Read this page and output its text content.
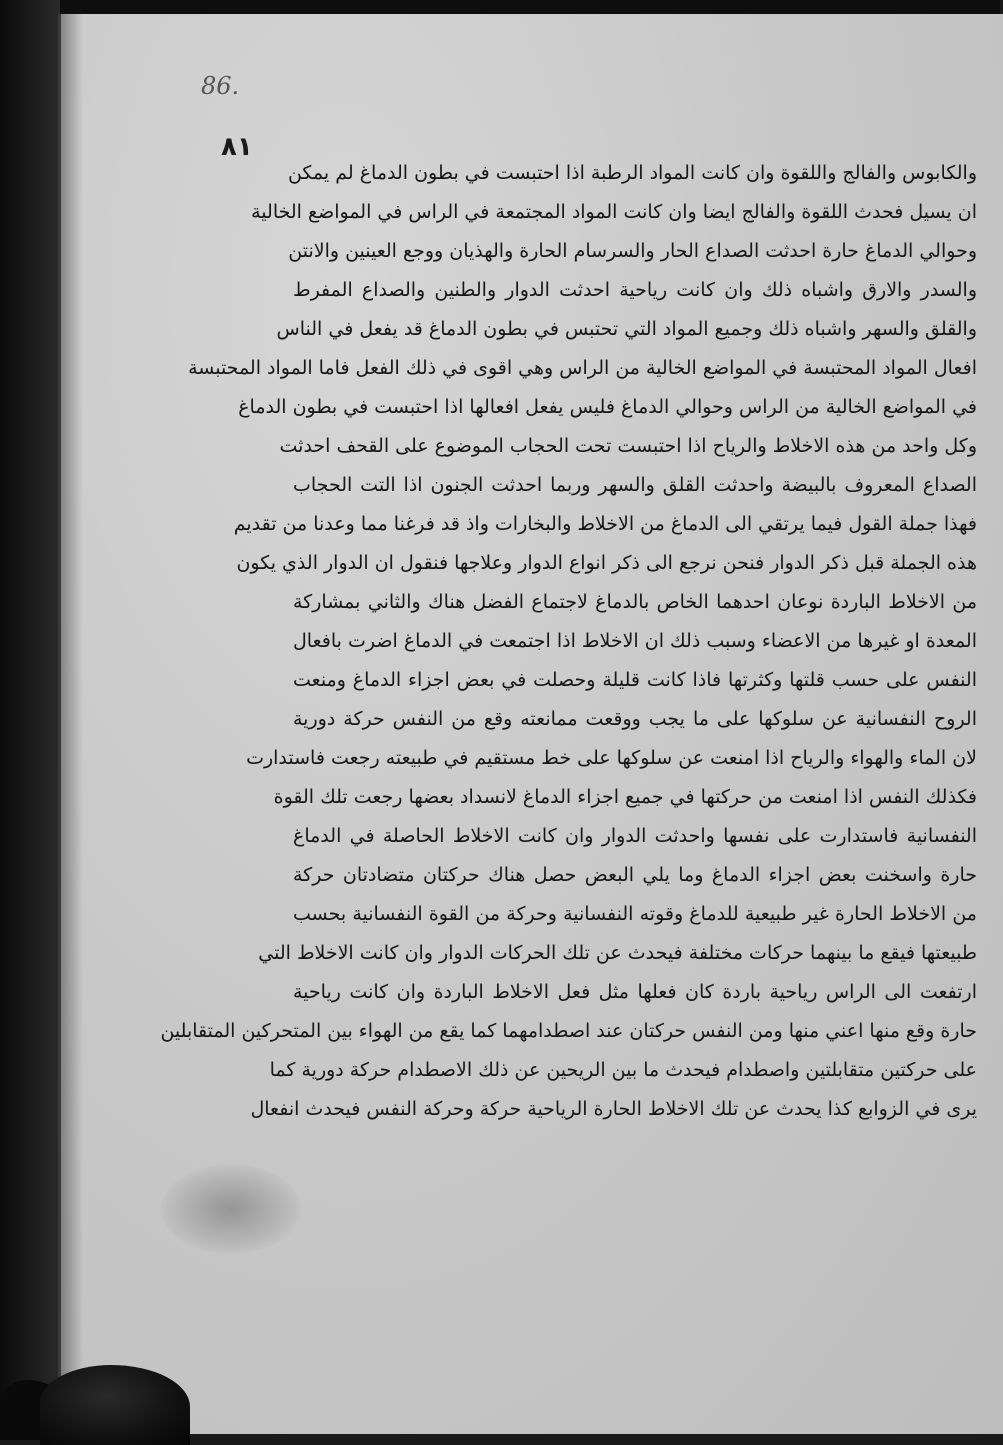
86.
٨١
والكابوس والفالج واللقوة وان كانت المواد الرطبة اذا احتبست في بطون الدماغ لم يمكن
ان يسيل فحدث اللقوة والفالج ايضا وان كانت المواد المجتمعة في الراس في المواضع الخالية
وحوالي الدماغ حارة احدثت الصداع الحار والسرسام الحارة والهذيان ووجع العينين والانتن
والسدر والارق واشباه ذلك وان كانت رياحية احدثت الدوار والطنين والصداع المفرط
والقلق والسهر واشباه ذلك وجميع المواد التي تحتبس في بطون الدماغ قد يفعل في الناس
افعال المواد المحتبسة في المواضع الخالية من الراس وهي اقوى في ذلك الفعل فاما المواد المحتبسة
في المواضع الخالية من الراس وحوالي الدماغ فليس يفعل افعالها اذا احتبست في بطون الدماغ
وكل واحد من هذه الاخلاط والرياح اذا احتبست تحت الحجاب الموضوع على القحف احدثت
الصداع المعروف بالبيضة واحدثت القلق والسهر وربما احدثت الجنون اذا التت الحجاب
فهذا جملة القول فيما يرتقي الى الدماغ من الاخلاط والبخارات واذ قد فرغنا مما وعدنا من تقديم
هذه الجملة قبل ذكر الدوار فنحن نرجع الى ذكر انواع الدوار وعلاجها فنقول ان الدوار الذي يكون
من الاخلاط الباردة نوعان احدهما الخاص بالدماغ لاجتماع الفضل هناك والثاني بمشاركة
المعدة او غيرها من الاعضاء وسبب ذلك ان الاخلاط اذا اجتمعت في الدماغ اضرت بافعال
النفس على حسب قلتها وكثرتها فاذا كانت قليلة وحصلت في بعض اجزاء الدماغ ومنعت
الروح النفسانية عن سلوكها على ما يجب ووقعت ممانعته وقع من النفس حركة دورية
لان الماء والهواء والرياح اذا امنعت عن سلوكها على خط مستقيم في طبيعته رجعت فاستدارت
فكذلك النفس اذا امنعت من حركتها في جميع اجزاء الدماغ لانسداد بعضها رجعت تلك القوة
النفسانية فاستدارت على نفسها واحدثت الدوار وان كانت الاخلاط الحاصلة في الدماغ
حارة واسخنت بعض اجزاء الدماغ وما يلي البعض حصل هناك حركتان متضادتان حركة
من الاخلاط الحارة غير طبيعية للدماغ وقوته النفسانية وحركة من القوة النفسانية بحسب
طبيعتها فيقع ما بينهما حركات مختلفة فيحدث عن تلك الحركات الدوار وان كانت الاخلاط التي
ارتفعت الى الراس رياحية باردة كان فعلها مثل فعل الاخلاط الباردة وان كانت رياحية
حارة وقع منها اعني منها ومن النفس حركتان عند اصطدامهما كما يقع من الهواء بين المتحركين المتقابلين
على حركتين متقابلتين واصطدام فيحدث ما بين الريحين عن ذلك الاصطدام حركة دورية كما
يرى في الزوابع كذا يحدث عن تلك الاخلاط الحارة الرياحية حركة وحركة النفس فيحدث انفعال
